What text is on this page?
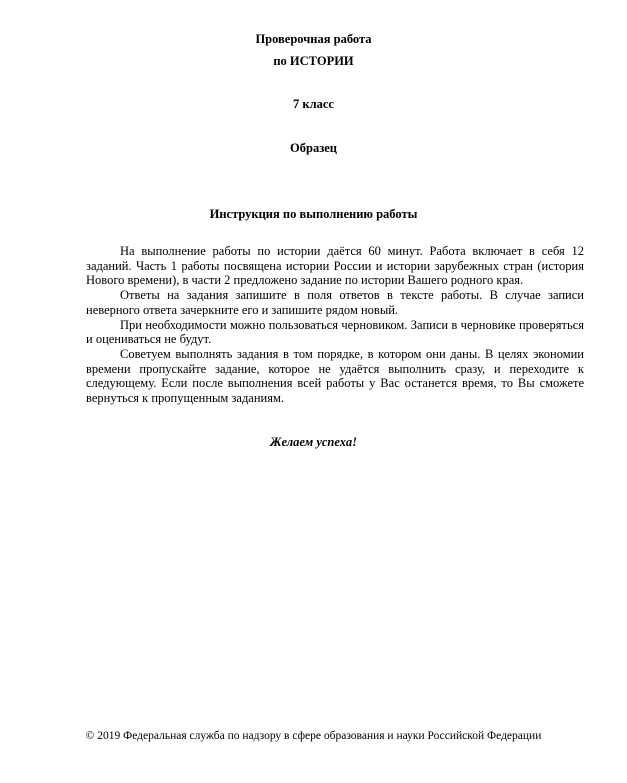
Проверочная работа
по ИСТОРИИ
7 класс
Образец
Инструкция по выполнению работы

На выполнение работы по истории даётся 60 минут. Работа включает в себя 12 заданий. Часть 1 работы посвящена истории России и истории зарубежных стран (история Нового времени), в части 2 предложено задание по истории Вашего родного края.

Ответы на задания запишите в поля ответов в тексте работы. В случае записи неверного ответа зачеркните его и запишите рядом новый.

При необходимости можно пользоваться черновиком. Записи в черновике проверяться и оцениваться не будут.

Советуем выполнять задания в том порядке, в котором они даны. В целях экономии времени пропускайте задание, которое не удаётся выполнить сразу, и переходите к следующему. Если после выполнения всей работы у Вас останется время, то Вы сможете вернуться к пропущенным заданиям.

Желаем успеха!
© 2019 Федеральная служба по надзору в сфере образования и науки Российской Федерации
